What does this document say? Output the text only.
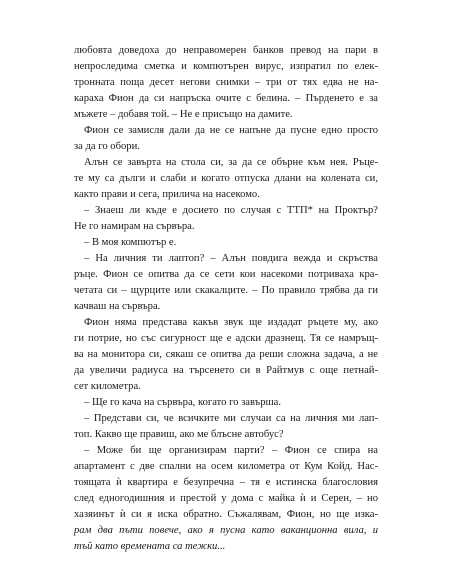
любовта доведоха до неправомерен банков превод на пари в
непроследима сметка и компютърен вирус, изпратил по елек-
тронната поща десет негови снимки – три от тях едва не на-
караха Фион да си напръска очите с белина. – Пърденето е за
мъжете – добавя той. – Не е присъщо на дамите.
Фион се замисля дали да не се напъне да пусне едно просто
за да го обори.
Алън се завърта на стола си, за да се обърне към нея. Ръце-
те му са дълги и слаби и когато отпуска длани на колената си,
както прави и сега, прилича на насекомо.
– Знаеш ли къде е досието по случая с ТТП* на Проктър?
Не го намирам на сървъра.
– В моя компютър е.
– На личния ти лаптоп? – Алън повдига вежда и скръства
ръце. Фион се опитва да се сети кои насекоми потриваха кра-
четата си – щурците или скакалците. – По правило трябва да ги
качваш на сървъра.
Фион няма представа какъв звук ще издадат ръцете му, ако
ги потрие, но със сигурност ще е адски дразнещ. Тя се намръщ-
ва на монитора си, сякаш се опитва да реши сложна задача, а не
да увеличи радиуса на търсенето си в Райтмув с още петнай-
сет километра.
– Ще го кача на сървъра, когато го завърша.
– Представи си, че всичките ми случаи са на личния ми лап-
топ. Какво ще правиш, ако ме блъсне автобус?
– Може би ще организирам парти? – Фион се спира на
апартамент с две спални на осем километра от Кум Койд. Нас-
тоящата ѝ квартира е безупречна – тя е истинска благословия
след едногодишния и престой у дома с майка ѝ и Серен, – но
хазяинът ѝ си я иска обратно. Съжалявам, Фион, но ще изка-
рам двa пъти повече, ако я пусна като ваканционна вила, и
тъй като времената са тежки...
